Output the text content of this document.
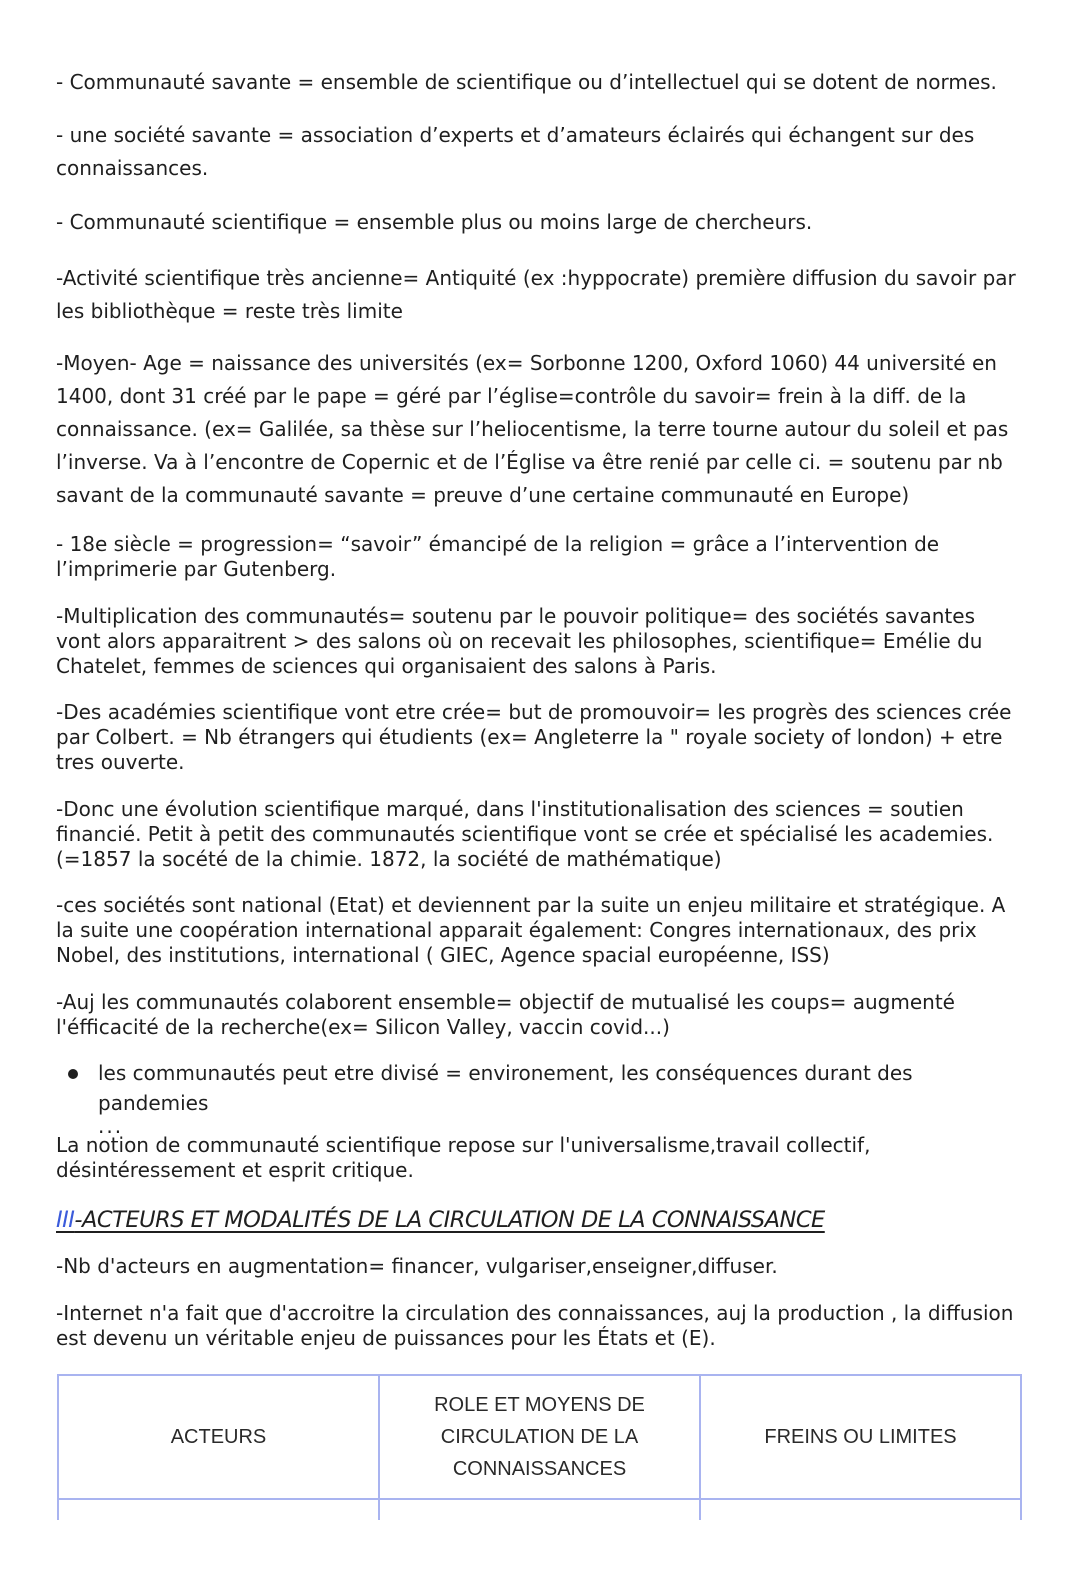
- Communauté savante = ensemble de scientifique ou d’intellectuel qui se dotent de normes.

- une société savante = association d’experts et d’amateurs éclairés qui échangent sur des connaissances.

- Communauté scientifique = ensemble plus ou moins large de chercheurs.

-Activité scientifique très ancienne= Antiquité (ex :hyppocrate) première diffusion du savoir par les bibliothèque = reste très limite

-Moyen- Age = naissance des universités (ex= Sorbonne 1200, Oxford 1060) 44 université en 1400, dont 31 créé par le pape = géré par l’église=contrôle du savoir= frein à la diff. de la connaissance. (ex= Galilée, sa thèse sur l’heliocentisme, la terre tourne autour du soleil et pas l’inverse. Va à l’encontre de Copernic et de l’Église va être renié par celle ci. = soutenu par nb savant de la communauté savante = preuve d’une certaine communauté en Europe)

- 18e siècle = progression= “savoir” émancipé de la religion = grâce a l’intervention de l’imprimerie par Gutenberg.

-Multiplication des communautés= soutenu par le pouvoir politique= des sociétés savantes vont alors apparaitrent > des salons où on recevait les philosophes, scientifique= Emélie du Chatelet, femmes de sciences qui organisaient des salons à Paris.

-Des académies scientifique vont etre crée= but de promouvoir= les progrès des sciences crée par Colbert. = Nb étrangers qui étudients (ex= Angleterre la " royale society of london) + etre tres ouverte.

-Donc une évolution scientifique marqué, dans l'institutionalisation des sciences = soutien financié. Petit à petit des communautés scientifique vont se crée et spécialisé les academies. (=1857 la socété de la chimie. 1872, la société de mathématique)

-ces sociétés sont national (Etat) et deviennent par la suite un enjeu militaire et stratégique. A la suite une coopération international apparait également: Congres internationaux, des prix Nobel, des institutions, international ( GIEC, Agence spacial européenne, ISS)

-Auj les communautés colaborent ensemble= objectif de mutualisé les coups= augmenté l'éfficacité de la recherche(ex= Silicon Valley, vaccin covid...)

les communautés peut etre divisé = environement, les conséquences durant des pandemies
...

La notion de communauté scientifique repose sur l'universalisme,travail collectif, désintéressement et esprit critique.

III-ACTEURS ET MODALITÉS DE LA CIRCULATION DE LA CONNAISSANCE

-Nb d'acteurs en augmentation= financer, vulgariser,enseigner,diffuser.

-Internet n'a fait que d'accroitre la circulation des connaissances, auj la production , la diffusion est devenu un véritable enjeu de puissances pour les États et (E).

ACTEURS	ROLE ET MOYENS DE CIRCULATION DE LA CONNAISSANCES	FREINS OU LIMITES
